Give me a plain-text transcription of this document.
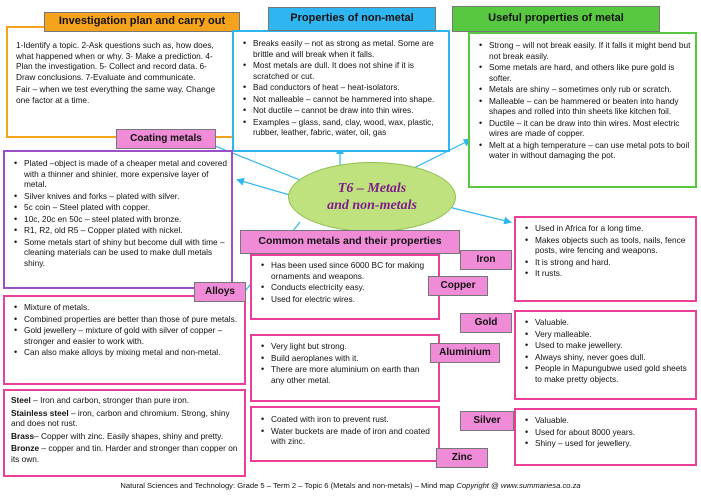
1-Identify a topic. 2-Ask questions such as, how does, what happened when or why. 3- Make a prediction. 4-Plan the investigation. 5- Collect and record data. 6-Draw conclusions. 7-Evaluate and communicate.

Fair – when we test everything the same way. Change one factor at a time.

Investigation plan and carry out
• Breaks easily – not as strong as metal. Some are brittle and will break when it falls.
• Most metals are dull. It does not shine if it is scratched or cut.
• Bad conductors of heat – heat-isolators.
• Not malleable – cannot be hammered into shape.
• Not ductile – cannot be draw into thin wires.
• Examples – glass, sand, clay, wood, wax, plastic, rubber, leather, fabric, water, oil, gas
Properties of non-metal
• Strong – will not break easily. If it falls it might bend but not break easily.
• Some metals are hard, and others like pure gold is softer.
• Metals are shiny – sometimes only rub or scratch.
• Malleable – can be hammered or beaten into handy shapes and rolled into thin sheets like kitchen foil.
• Ductile – it can be draw into thin wires. Most electric wires are made of copper.
• Melt at a high temperature – can use metal pots to boil water in without damaging the pot.
Useful properties of metal
• Plated –object is made of a cheaper metal and covered with a thinner and shinier, more expensive layer of metal.
• Silver knives and forks – plated with silver.
• 5c coin – Steel plated with copper.
• 10c, 20c en 50c – steel plated with bronze.
• R1, R2, old R5 – Copper plated with nickel.
• Some metals start of shiny but become dull with time – cleaning materials can be used to make dull metals shiny.
Coating metals
T6 – Metals
and non-metals
Common metals and their properties
• Mixture of metals.
• Combined properties are better than those of pure metals.
• Gold jewellery – mixture of gold with silver of copper – stronger and easier to work with.
• Can also make alloys by mixing metal and non-metal.
Alloys

Steel – Iron and carbon, stronger than pure iron.

Stainless steel – iron, carbon and chromium. Strong, shiny and does not rust.

Brass– Copper with zinc. Easily shapes, shiny and pretty.

Bronze – copper and tin. Harder and stronger than copper on its own.

• Has been used since 6000 BC for making ornaments and weapons.
• Conducts electricity easy.
• Used for electric wires.
Copper
• Very light but strong.
• Build aeroplanes with it.
• There are more aluminium on earth than any other metal.
Aluminium
• Coated with iron to prevent rust.
• Water buckets are made of iron and coated with zinc.
Zinc
• Used in Africa for a long time.
• Makes objects such as tools, nails, fence posts, wire fencing and weapons.
• It is strong and hard.
• It rusts.
Iron
• Valuable.
• Very malleable.
• Used to make jewellery.
• Always shiny, never goes dull.
• People in Mapungubwe used gold sheets to make pretty objects.
Gold
• Valuable.
• Used for about 8000 years.
• Shiny – used for jewellery.
Silver
Natural Sciences and Technology: Grade 5 – Term 2 – Topic 6 (Metals and non-metals) – Mind map Copyright @ www.summariesa.co.za
